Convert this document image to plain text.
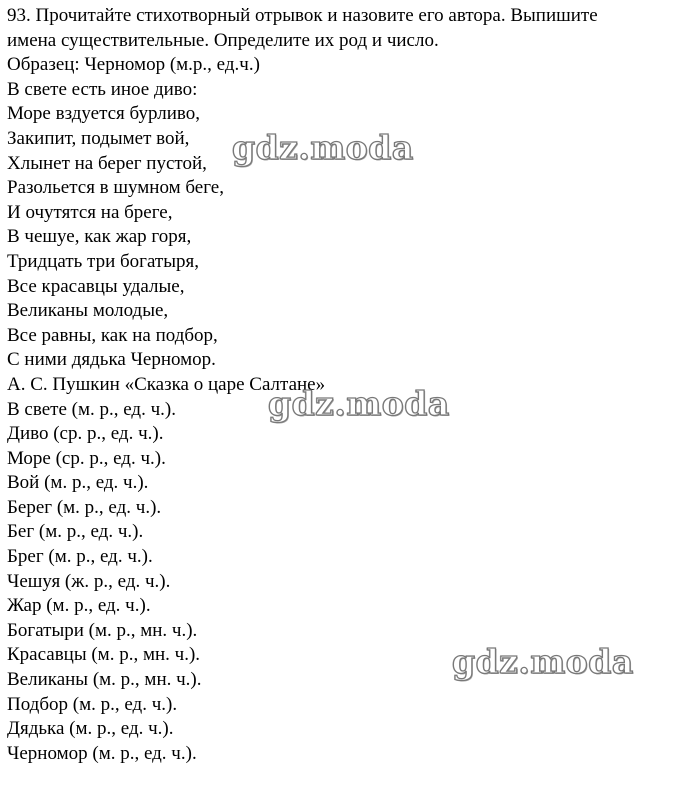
93. Прочитайте стихотворный отрывок и назовите его автора. Выпишите
имена существительные. Определите их род и число.
Образец: Черномор (м.р., ед.ч.)
В свете есть иное диво:
Море вздуется бурливо,
Закипит, подымет вой,
Хлынет на берег пустой,
Разольется в шумном беге,
И очутятся на бреге,
В чешуе, как жар горя,
Тридцать три богатыря,
Все красавцы удалые,
Великаны молодые,
Все равны, как на подбор,
С ними дядька Черномор.
А. С. Пушкин «Сказка о царе Салтане»
В свете (м. р., ед. ч.).
Диво (ср. р., ед. ч.).
Море (ср. р., ед. ч.).
Вой (м. р., ед. ч.).
Берег (м. р., ед. ч.).
Бег (м. р., ед. ч.).
Брег (м. р., ед. ч.).
Чешуя (ж. р., ед. ч.).
Жар (м. р., ед. ч.).
Богатыри (м. р., мн. ч.).
Красавцы (м. р., мн. ч.).
Великаны (м. р., мн. ч.).
Подбор (м. р., ед. ч.).
Дядька (м. р., ед. ч.).
Черномор (м. р., ед. ч.).
gdz.moda
gdz.moda
gdz.moda
